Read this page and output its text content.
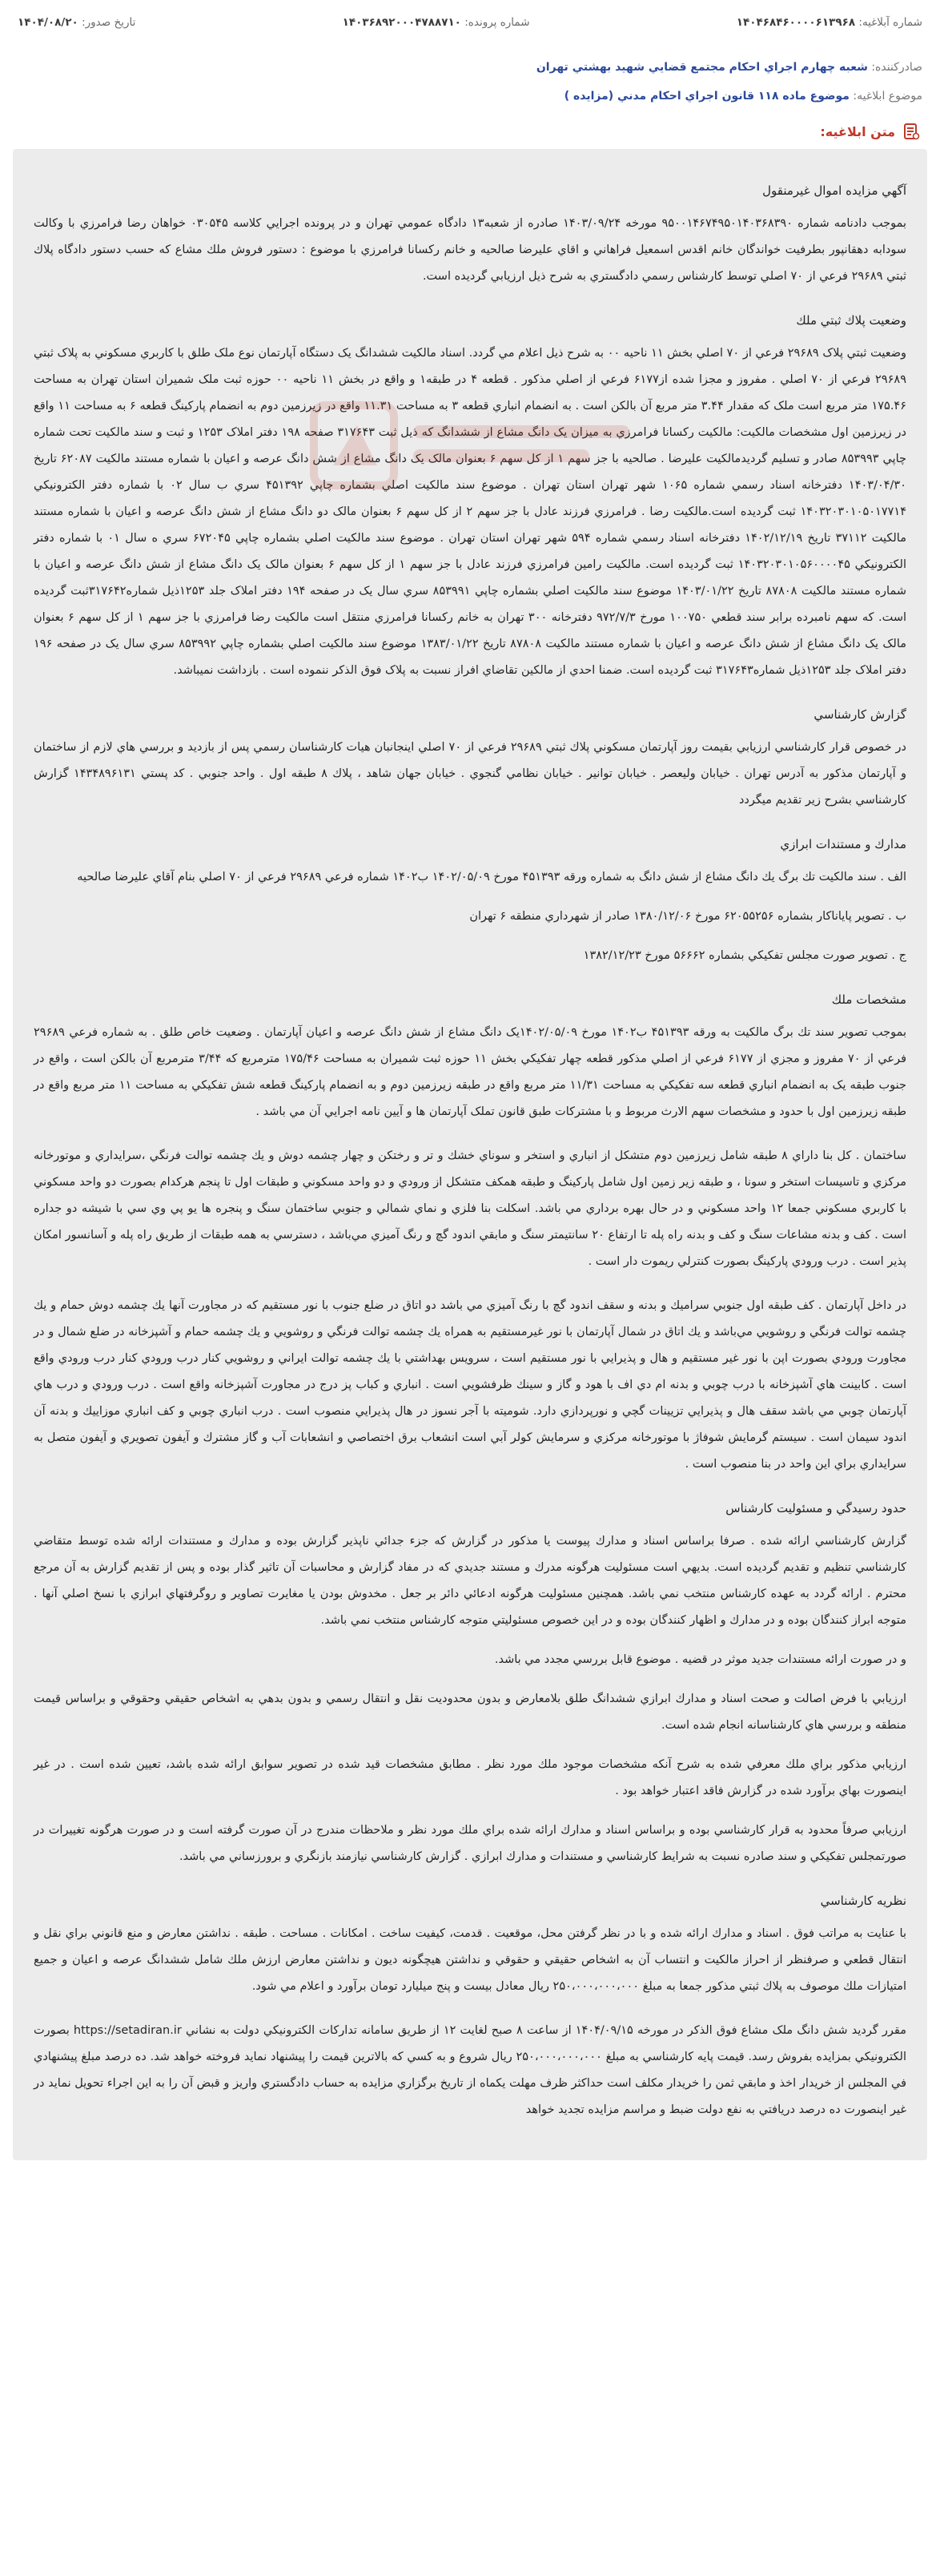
شماره آبلاغيه: ۱۴۰۴۶۸۴۶۰۰۰۰۶۱۳۹۶۸
شماره پرونده: ۱۴۰۳۶۸۹۲۰۰۰۴۷۸۸۷۱۰
تاریخ صدور: ۱۴۰۴/۰۸/۲۰
صادرکننده: شعبه چهارم اجراي احکام مجتمع قضايي شهيد بهشتي تهران
موضوع ابلاغیه: موضوع ماده ۱۱۸ قانون اجراي احكام مدني (مزايده )
متن ابلاغیه:
آگهي مزايده اموال غيرمنقول

بموجب دادنامه شماره ۹۵۰۰۱۴۶۷۴۹۵۰۱۴۰۳۶۸۳۹۰ مورخه ۱۴۰۳/۰۹/۲۴ صادره از شعبه۱۳ دادگاه عمومي تهران و در پرونده اجرايي كلاسه ۰۳۰۵۴۵ خواهان رضا فرامرزي با وكالت سودابه دهقانپور بطرفيت خواندگان خانم اقدس اسمعيل فراهاني و اقاي عليرضا صالحيه و خانم رکسانا فرامرزي با موضوع : دستور فروش ملك مشاع كه حسب دستور دادگاه پلاك ثبتي ۲۹۶۸۹ فرعي از ۷۰ اصلي توسط كارشناس رسمي دادگستري به شرح ذيل ارزيابي گرديده است.

وضعيت پلاك ثبتي ملك

وضعيت ثبتي پلاک ۲۹۶۸۹ فرعي از ۷۰ اصلي بخش ۱۱ ناحيه ۰۰ به شرح ذيل اعلام مي گردد. اسناد مالكيت ششدانگ يک دستگاه آپارتمان نوع ملک طلق با كاربري مسكوني به پلاک ثبتي ۲۹۶۸۹ فرعي از ۷۰ اصلي . مفروز و مجزا شده از۶۱۷۷ فرعي از اصلي مذكور . قطعه ۴ در طبقه۱ و واقع در بخش ۱۱ ناحيه ۰۰ حوزه ثبت ملک شميران استان تهران به مساحت ۱۷۵.۴۶ متر مربع است ملک که مقدار ۳.۴۴ متر مربع آن بالكن است . به انضمام انباري قطعه ۳ به مساحت ۱۱.۳۱ واقع در زيرزمين دوم به انضمام پارکينگ قطعه ۶ به مساحت ۱۱ واقع در زيرزمين اول مشخصات مالكيت: مالکيت رکسانا فرامرزي به ميزان يک دانگ مشاع از ششدانگ که ذيل ثبت ۳۱۷۶۴۳ صفحه ۱۹۸ دفتر املاک ۱۲۵۳ و ثبت و سند مالکيت تحت شماره چاپي ۸۵۳۹۹۳ صادر و تسليم گرديدمالکيت عليرضا . صالحيه با جز سهم ۱ از کل سهم ۶ بعنوان مالک يک دانگ مشاع از شش دانگ عرصه و اعيان با شماره مستند مالکيت ۶۲۰۸۷ تاريخ ۱۴۰۳/۰۴/۳۰ دفترخانه اسناد رسمي شماره ۱۰۶۵ شهر تهران استان تهران . موضوع سند مالکيت اصلي بشماره چاپي ۴۵۱۳۹۲ سري ب سال ۰۲ با شماره دفتر الکترونيکي ۱۴۰۳۲۰۳۰۱۰۵۰۱۷۷۱۴ ثبت گرديده است.مالکيت رضا . فرامرزي فرزند عادل با جز سهم ۲ از کل سهم ۶ بعنوان مالک دو دانگ مشاع از شش دانگ عرصه و اعيان با شماره مستند مالکيت ۳۷۱۱۲ تاريخ ۱۴۰۲/۱۲/۱۹ دفترخانه اسناد رسمي شماره ۵۹۴ شهر تهران استان تهران . موضوع سند مالکيت اصلي بشماره چاپي ۶۷۲۰۴۵ سري ه سال ۰۱ با شماره دفتر الکترونيکي ۱۴۰۳۲۰۳۰۱۰۵۶۰۰۰۰۴۵ ثبت گرديده است. مالکيت رامين فرامرزي فرزند عادل با جز سهم ۱ از کل سهم ۶ بعنوان مالک يک دانگ مشاع از شش دانگ عرصه و اعيان با شماره مستند مالکيت ۸۷۸۰۸ تاريخ ۱۴۰۳/۰۱/۲۲ موضوع سند مالکيت اصلي بشماره چاپي ۸۵۳۹۹۱ سري سال يک در صفحه ۱۹۴ دفتر املاک جلد ۱۲۵۳ذيل شماره۳۱۷۶۴۲ثبت گرديده است. که سهم نامبرده برابر سند قطعي ۱۰۰۷۵۰ مورخ ۹۷۲/۷/۳ دفترخانه ۳۰۰ تهران به خانم رکسانا فرامرزي منتقل است مالکيت رضا فرامرزي با جز سهم ۱ از کل سهم ۶ بعنوان مالک يک دانگ مشاع از شش دانگ عرصه و اعيان با شماره مستند مالکيت ۸۷۸۰۸ تاريخ ۱۳۸۳/۰۱/۲۲ موضوع سند مالکيت اصلي بشماره چاپي ۸۵۳۹۹۲ سري سال يک در صفحه ۱۹۶ دفتر املاک جلد ۱۲۵۳ذيل شماره۳۱۷۶۴۳ ثبت گرديده است. ضمنا احدي از مالكين تقاضاي افراز نسبت به پلاک فوق الذکر ننموده است . بازداشت نميباشد.

گزارش كارشناسي

در خصوص قرار كارشناسي ارزيابي بقيمت روز آپارتمان مسكوني پلاك ثبتي ۲۹۶۸۹ فرعي از ۷۰ اصلي اينجانبان هيات كارشناسان رسمي پس از بازديد و بررسي هاي لازم از ساختمان و آپارتمان مذكور به آدرس تهران . خيابان وليعصر . خيابان توانير . خيابان نظامي گنجوي . خيابان جهان شاهد ، پلاك ۸ طبقه اول . واحد جنوبي . كد پستي ۱۴۳۴۸۹۶۱۳۱ گزارش كارشناسي بشرح زير تقديم ميگردد

مدارك و مستندات ابرازي

الف . سند مالكيت تك برگ يك دانگ مشاع از شش دانگ به شماره ورقه ۴۵۱۳۹۳ مورخ ۱۴۰۲/۰۵/۰۹ ب۱۴۰۲ شماره فرعي ۲۹۶۸۹ فرعي از ۷۰ اصلي بنام آقاي عليرضا صالحيه

ب . تصوير پاياناكار بشماره ۶۲۰۵۵۲۵۶ مورخ ۱۳۸۰/۱۲/۰۶ صادر از شهرداري منطقه ۶ تهران

ج . تصوير صورت مجلس تفكيكي بشماره ۵۶۶۶۲ مورخ ۱۳۸۲/۱۲/۲۳

مشخصات ملك

بموجب تصوير سند تك برگ مالکيت به ورقه ۴۵۱۳۹۳ ب۱۴۰۲ مورخ ۱۴۰۲/۰۵/۰۹يک دانگ مشاع از شش دانگ عرصه و اعيان آپارتمان . وضعيت خاص طلق . به شماره فرعي ۲۹۶۸۹ فرعي از ۷۰ مفروز و مجزي از ۶۱۷۷ فرعي از اصلي مذکور قطعه چهار تفکيکي بخش ۱۱ حوزه ثبت شميران به مساحت ۱۷۵/۴۶ مترمربع که ۳/۴۴ مترمربع آن بالکن است ، واقع در جنوب طبقه يک به انضمام انباري قطعه سه تفکيکي به مساحت ۱۱/۳۱ متر مربع واقع در طبقه زيرزمين دوم و به انضمام پارکينگ قطعه شش تفکيکي به مساحت ۱۱ متر مربع واقع در طبقه زيرزمين اول با حدود و مشخصات سهم الارث مربوط و با مشترکات طبق قانون تملک آپارتمان ها و آيين نامه اجرايي آن مي باشد .

ساختمان . كل بنا داراي ۸ طبقه شامل زيرزمين دوم متشكل از انباري و استخر و سوناي خشك و تر و رختكن و چهار چشمه دوش و يك چشمه توالت فرنگي ،سرايداري و موتورخانه مركزي و تاسيسات استخر و سونا ، و طبقه زير زمين اول شامل پاركينگ و طبقه همكف متشكل از ورودي و دو واحد مسكوني و طبقات اول تا پنجم هركدام بصورت دو واحد مسكوني با کاربري مسکوني جمعا ۱۲ واحد مسكوني و در حال بهره برداري مي باشد. اسكلت بنا فلزي و نماي شمالي و جنوبي ساختمان سنگ و پنجره ها يو پي وي سي با شيشه دو جداره است . كف و بدنه مشاعات سنگ و كف و بدنه راه پله تا ارتفاع ۲۰ سانتيمتر سنگ و مابقي اندود گچ و رنگ آميزي مي‌باشد ، دسترسي به همه طبقات از طريق راه پله و آسانسور امکان پذير است . درب ورودي پاركينگ بصورت کنترلي ريموت دار است .

در داخل آپارتمان . كف طبقه اول جنوبي سراميك و بدنه و سقف اندود گچ با رنگ آميزي مي باشد دو اتاق در ضلع جنوب با نور مستقيم كه در مجاورت آنها يك چشمه دوش حمام و يك چشمه توالت فرنگي و روشويي مي‌باشد و يك اتاق در شمال آپارتمان با نور غيرمستقيم به همراه يك چشمه توالت فرنگي و روشويي و يك چشمه حمام و آشپزخانه در ضلع شمال و در مجاورت ورودي بصورت اپن با نور غير مستقيم و هال و پذيرايي با نور مستقيم است ، سرويس بهداشتي با يك چشمه توالت ايراني و روشويي كنار درب ورودي كنار درب ورودي واقع است . كابينت هاي آشپزخانه با درب چوبي و بدنه ام دي اف با هود و گاز و سينك ظرفشويي است . انباري و كباب پز درج در مجاورت آشپزخانه واقع است . درب ورودي و درب هاي آپارتمان چوبي مي باشد سقف هال و پذيرايي تزيينات گچي و نورپردازي دارد. شوميته با آجر نسوز در هال پذيرايي منصوب است . درب انباري چوبي و كف انباري موزاييك و بدنه آن اندود سيمان است . سيستم گرمايش شوفاژ با موتورخانه مركزي و سرمايش كولر آبي است انشعاب برق اختصاصي و انشعابات آب و گاز مشترك و آيفون تصويري و آيفون متصل به سرايداري براي اين واحد در بنا منصوب است .

حدود رسيدگي و مسئوليت كارشناس

گزارش كارشناسي ارائه شده . صرفا براساس اسناد و مدارك پيوست يا مذكور در گزارش كه جزء جدائي ناپذير گزارش بوده و مدارك و مستندات ارائه شده توسط متقاضي كارشناسي تنظيم و تقديم گرديده است. بديهي است مسئوليت هرگونه مدرك و مستند جديدي كه در مفاد گزارش و محاسبات آن تاثير گذار بوده و پس از تقديم گزارش به آن مرجع محترم . ارائه گردد به عهده كارشناس منتخب نمي باشد. همچنين مسئوليت هرگونه ادعائي دائر بر جعل . مخدوش بودن يا مغايرت تصاوير و روگرفتهاي ابرازي با نسخ اصلي آنها . متوجه ابراز كنندگان بوده و در مدارك و اظهار كنندگان بوده و در اين خصوص مسئوليتي متوجه كارشناس منتخب نمي باشد.

و در صورت ارائه مستندات جديد موثر در قضيه . موضوع قابل بررسي مجدد مي باشد.

ارزيابي با فرض اصالت و صحت اسناد و مدارك ابرازي ششدانگ طلق بلامعارض و بدون محدوديت نقل و انتقال رسمي و بدون بدهي به اشخاص حقيقي وحقوقي و براساس قيمت منطقه و بررسي هاي كارشناسانه انجام شده است.

ارزيابي مذكور براي ملك معرفي شده به شرح آنكه مشخصات موجود ملك مورد نظر . مطابق مشخصات قيد شده در تصوير سوابق ارائه شده باشد، تعيين شده است . در غير اينصورت بهاي برآورد شده در گزارش فاقد اعتبار خواهد بود .

ارزيابي صرفاً محدود به قرار كارشناسي بوده و براساس اسناد و مدارك ارائه شده براي ملك مورد نظر و ملاحظات مندرج در آن صورت گرفته است و در صورت هرگونه تغييرات در صورتمجلس تفكيكي و سند صادره نسبت به شرايط كارشناسي و مستندات و مدارك ابرازي . گزارش كارشناسي نيازمند بازنگري و برورزساني مي باشد.

نظريه كارشناسي

با عنايت به مراتب فوق . اسناد و مدارك ارائه شده و با در نظر گرفتن محل، موقعيت . قدمت، كيفيت ساخت . امكانات . مساحت . طبقه . نداشتن معارض و منع قانوني براي نقل و انتقال قطعي و صرفنظر از احراز مالكيت و انتساب آن به اشخاص حقيقي و حقوقي و نداشتن هيچگونه ديون و نداشتن معارض ارزش ملك شامل ششدانگ عرصه و اعيان و جميع امتيازات ملك موصوف به پلاك ثبتي مذكور جمعا به مبلغ ۲۵۰،۰۰۰،۰۰۰،۰۰۰ ريال معادل بيست و پنج ميليارد تومان برآورد و اعلام مي شود.

مقرر گرديد شش دانگ ملک مشاع فوق الذکر در مورخه ۱۴۰۴/۰۹/۱۵ از ساعت ۸ صبح لغايت ۱۲ از طريق سامانه تداركات الكترونيكي دولت به نشاني https://setadiran.ir بصورت الکترونيکي بمزايده بفروش رسد. قيمت پايه كارشناسي به مبلغ ۲۵۰،۰۰۰،۰۰۰،۰۰۰ ريال شروع و به كسي كه بالاترين قيمت را پيشنهاد نمايد فروخته خواهد شد. ده درصد مبلغ پيشنهادي في المجلس از خريدار اخذ و مابقي ثمن را خريدار مكلف است حداكثر ظرف مهلت يكماه از تاريخ برگزاري مزايده به حساب دادگستري واريز و قبض آن را به اين اجراء تحويل نمايد در غير اينصورت ده درصد دريافتي به نفع دولت ضبط و مراسم مزايده تجديد خواهد
